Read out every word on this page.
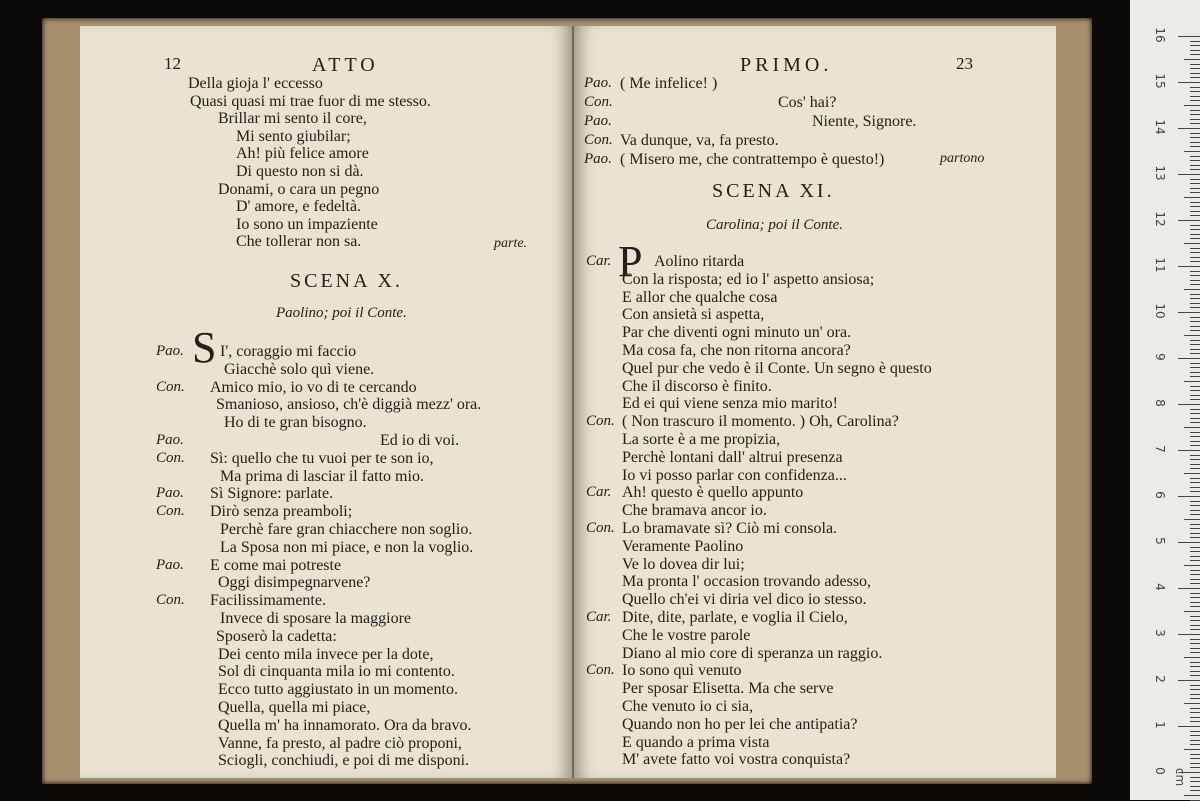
12	ATTO
Della gioja l' eccesso
Quasi quasi mi trae fuor di me stesso.
Brillar mi sento il core,
Mi sento giubilar;
Ah! più felice amore
Di questo non si dà.
Donami, o cara un pegno
D' amore, e fedeltà.
Io sono un impaziente
Che tollerar non sa.	parte.
SCENA X.
Paolino; poi il Conte.
S
Pao. I', coraggio mi faccio
Giacchè solo quì viene.
Con. Amico mio, io vo di te cercando
Smanioso, ansioso, ch'è diggià mezz' ora.
Ho di te gran bisogno.
Pao.	Ed io di voi.
Con. Sì: quello che tu vuoi per te son io,
Ma prima di lasciar il fatto mio.
Pao. Sì Signore: parlate.
Con. Dirò senza preamboli;
Perchè fare gran chiacchere non soglio.
La Sposa non mi piace, e non la voglio.
Pao. E come mai potreste
Oggi disimpegnarvene?
Con. Facilissimamente.
Invece di sposare la maggiore
Sposerò la cadetta:
Dei cento mila invece per la dote,
Sol di cinquanta mila io mi contento.
Ecco tutto aggiustato in un momento.
Quella, quella mi piace,
Quella m' ha innamorato. Ora da bravo.
Vanne, fa presto, al padre ciò proponi,
Sciogli, conchiudi, e poi di me disponi.
PRIMO.	23
Pao. ( Me infelice! )
Con.	Cos' hai?
Pao.	Niente, Signore.
Con. Va dunque, va, fa presto.
Pao. ( Misero me, che contrattempo è questo!)	partono
SCENA XI.
Carolina; poi il Conte.
P
Car.	Aolino ritarda
Con la risposta; ed io l' aspetto ansiosa;
E allor che qualche cosa
Con ansietà si aspetta,
Par che diventi ogni minuto un' ora.
Ma cosa fa, che non ritorna ancora?
Quel pur che vedo è il Conte. Un segno è questo
Che il discorso è finito.
Ed ei qui viene senza mio marito!
Con. ( Non trascuro il momento. ) Oh, Carolina?
La sorte è a me propizia,
Perchè lontani dall' altrui presenza
Io vi posso parlar con confidenza...
Car. Ah! questo è quello appunto
Che bramava ancor io.
Con. Lo bramavate sì? Ciò mi consola.
Veramente Paolino
Ve lo dovea dir lui;
Ma pronta l' occasion trovando adesso,
Quello ch'ei vi diria vel dico io stesso.
Car. Dite, dite, parlate, e voglia il Cielo,
Che le vostre parole
Diano al mio core di speranza un raggio.
Con. Io sono quì venuto
Per sposar Elisetta. Ma che serve
Che venuto io ci sia,
Quando non ho per lei che antipatia?
E quando a prima vista
M' avete fatto voi vostra conquista?
16
15
14
13
12
11
10
9
8
7
6
5
4
3
2
1
0 cm
